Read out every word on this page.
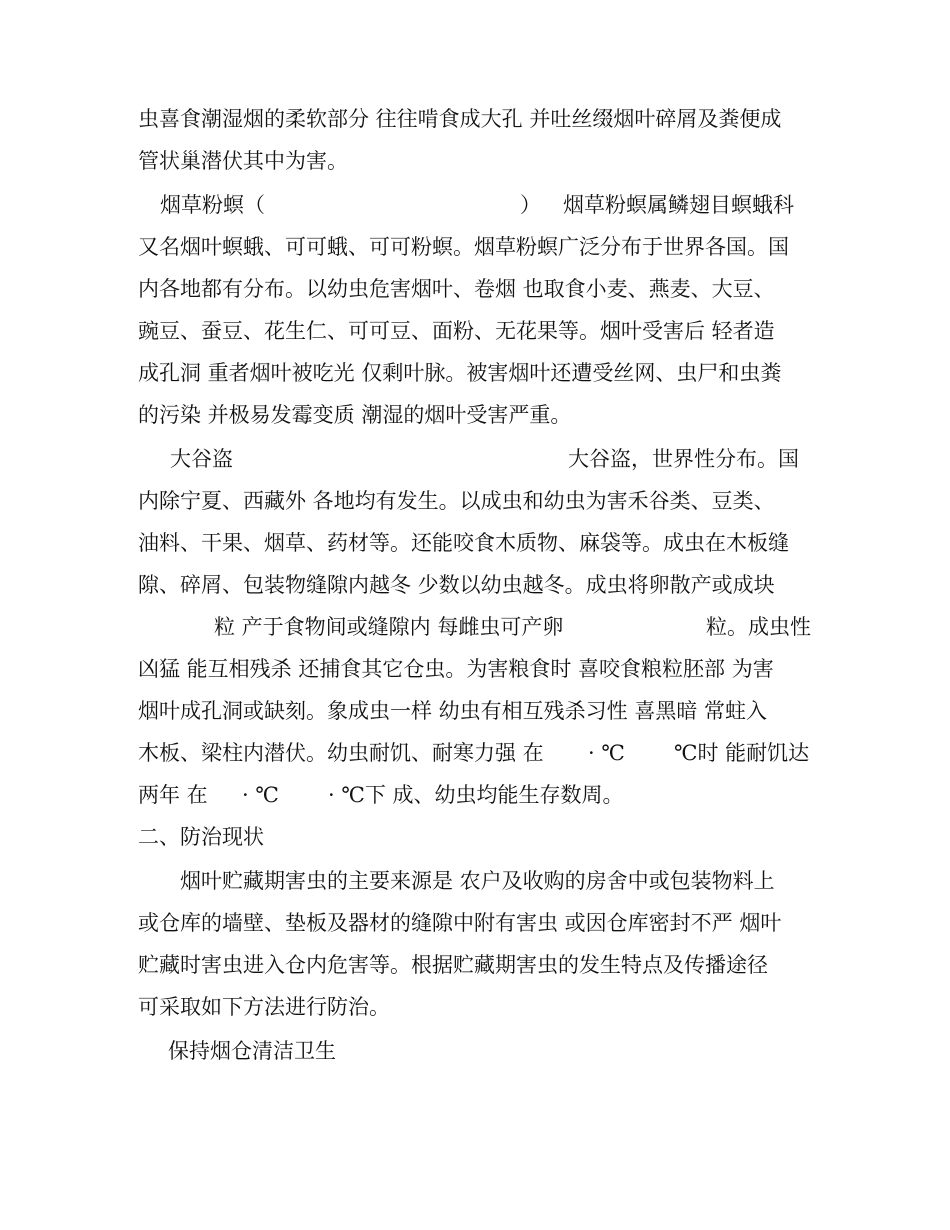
虫喜食潮湿烟的柔软部分 往往啃食成大孔 并吐丝缀烟叶碎屑及粪便成
管状巢潜伏其中为害。
烟草粉螟（	） 烟草粉螟属鳞翅目螟蛾科
又名烟叶螟蛾、可可蛾、可可粉螟。烟草粉螟广泛分布于世界各国。国
内各地都有分布。以幼虫危害烟叶、卷烟 也取食小麦、燕麦、大豆、
豌豆、蚕豆、花生仁、可可豆、面粉、无花果等。烟叶受害后 轻者造
成孔洞 重者烟叶被吃光 仅剩叶脉。被害烟叶还遭受丝网、虫尸和虫粪
的污染 并极易发霉变质 潮湿的烟叶受害严重。
大谷盗	大谷盗，世界性分布。国
内除宁夏、西藏外 各地均有发生。以成虫和幼虫为害禾谷类、豆类、
油料、干果、烟草、药材等。还能咬食木质物、麻袋等。成虫在木板缝
隙、碎屑、包装物缝隙内越冬 少数以幼虫越冬。成虫将卵散产或成块
粒 产于食物间或缝隙内 每雌虫可产卵	粒。成虫性
凶猛 能互相残杀 还捕食其它仓虫。为害粮食时 喜咬食粮粒胚部 为害
烟叶成孔洞或缺刻。象成虫一样 幼虫有相互残杀习性 喜黑暗 常蛀入
木板、梁柱内潜伏。幼虫耐饥、耐寒力强 在 · ℃ ℃时 能耐饥达
两年 在 · ℃ · ℃下 成、幼虫均能生存数周。
二、防治现状
烟叶贮藏期害虫的主要来源是 农户及收购的房舍中或包装物料上
或仓库的墙壁、垫板及器材的缝隙中附有害虫 或因仓库密封不严 烟叶
贮藏时害虫进入仓内危害等。根据贮藏期害虫的发生特点及传播途径
可采取如下方法进行防治。
保持烟仓清洁卫生
